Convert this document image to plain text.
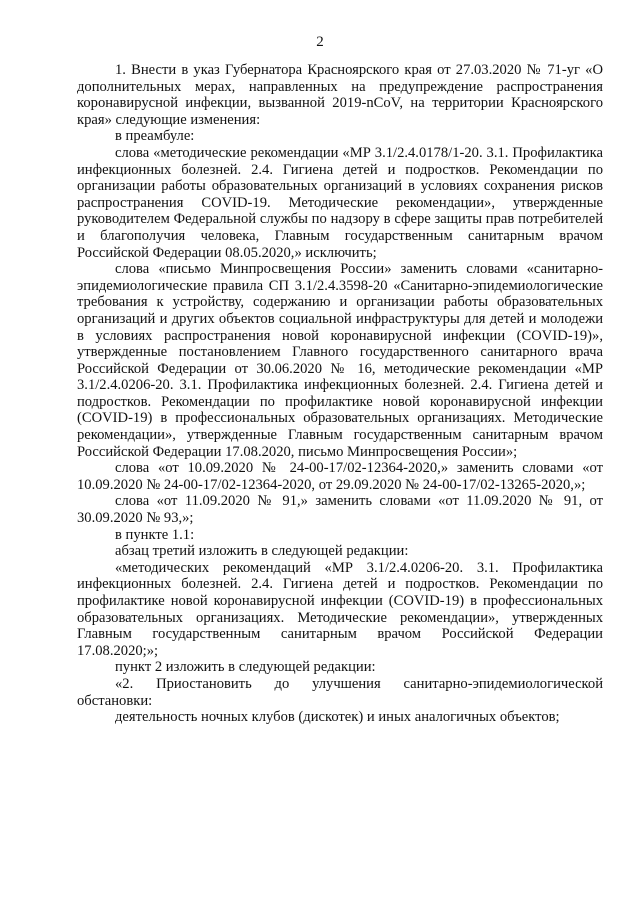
2

1. Внести в указ Губернатора Красноярского края от 27.03.2020 № 71-уг «О дополнительных мерах, направленных на предупреждение распространения коронавирусной инфекции, вызванной 2019-nCoV, на территории Красноярского края» следующие изменения:

в преамбуле:

слова «методические рекомендации «МР 3.1/2.4.0178/1-20. 3.1. Профилактика инфекционных болезней. 2.4. Гигиена детей и подростков. Рекомендации по организации работы образовательных организаций в условиях сохранения рисков распространения COVID-19. Методические рекомендации», утвержденные руководителем Федеральной службы по надзору в сфере защиты прав потребителей и благополучия человека, Главным государственным санитарным врачом Российской Федерации 08.05.2020,» исключить;

слова «письмо Минпросвещения России» заменить словами «санитарно-эпидемиологические правила СП 3.1/2.4.3598-20 «Санитарно-эпидемиологические требования к устройству, содержанию и организации работы образовательных организаций и других объектов социальной инфраструктуры для детей и молодежи в условиях распространения новой коронавирусной инфекции (COVID-19)», утвержденные постановлением Главного государственного санитарного врача Российской Федерации от 30.06.2020 № 16, методические рекомендации «МР 3.1/2.4.0206-20. 3.1. Профилактика инфекционных болезней. 2.4. Гигиена детей и подростков. Рекомендации по профилактике новой коронавирусной инфекции (COVID-19) в профессиональных образовательных организациях. Методические рекомендации», утвержденные Главным государственным санитарным врачом Российской Федерации 17.08.2020, письмо Минпросвещения России»;

слова «от 10.09.2020 № 24-00-17/02-12364-2020,» заменить словами «от 10.09.2020 № 24-00-17/02-12364-2020, от 29.09.2020 № 24-00-17/02-13265-2020,»;

слова «от 11.09.2020 № 91,» заменить словами «от 11.09.2020 № 91, от 30.09.2020 № 93,»;

в пункте 1.1:

абзац третий изложить в следующей редакции:

«методических рекомендаций «МР 3.1/2.4.0206-20. 3.1. Профилактика инфекционных болезней. 2.4. Гигиена детей и подростков. Рекомендации по профилактике новой коронавирусной инфекции (COVID-19) в профессиональных образовательных организациях. Методические рекомендации», утвержденных Главным государственным санитарным врачом Российской Федерации 17.08.2020;»;

пункт 2 изложить в следующей редакции:

«2. Приостановить до улучшения санитарно-эпидемиологической обстановки:

деятельность ночных клубов (дискотек) и иных аналогичных объектов;
